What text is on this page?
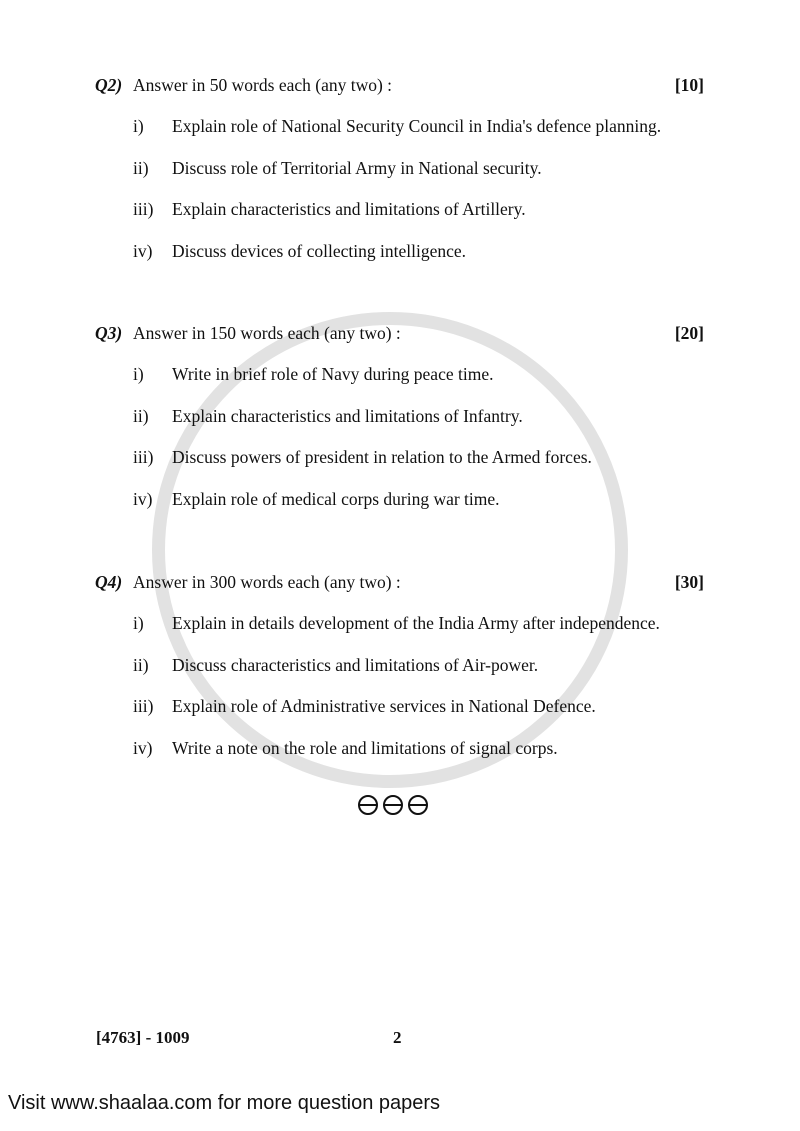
Q2) Answer in 50 words each (any two) :	[10]
i) Explain role of National Security Council in India's defence planning.
ii) Discuss role of Territorial Army in National security.
iii) Explain characteristics and limitations of Artillery.
iv) Discuss devices of collecting intelligence.
Q3) Answer in 150 words each (any two) :	[20]
i) Write in brief role of Navy during peace time.
ii) Explain characteristics and limitations of Infantry.
iii) Discuss powers of president in relation to the Armed forces.
iv) Explain role of medical corps during war time.
Q4) Answer in 300 words each (any two) :	[30]
i) Explain in details development of the India Army after independence.
ii) Discuss characteristics and limitations of Air-power.
iii) Explain role of Administrative services in National Defence.
iv) Write a note on the role and limitations of signal corps.
[4763] - 1009	2
Visit www.shaalaa.com for more question papers
